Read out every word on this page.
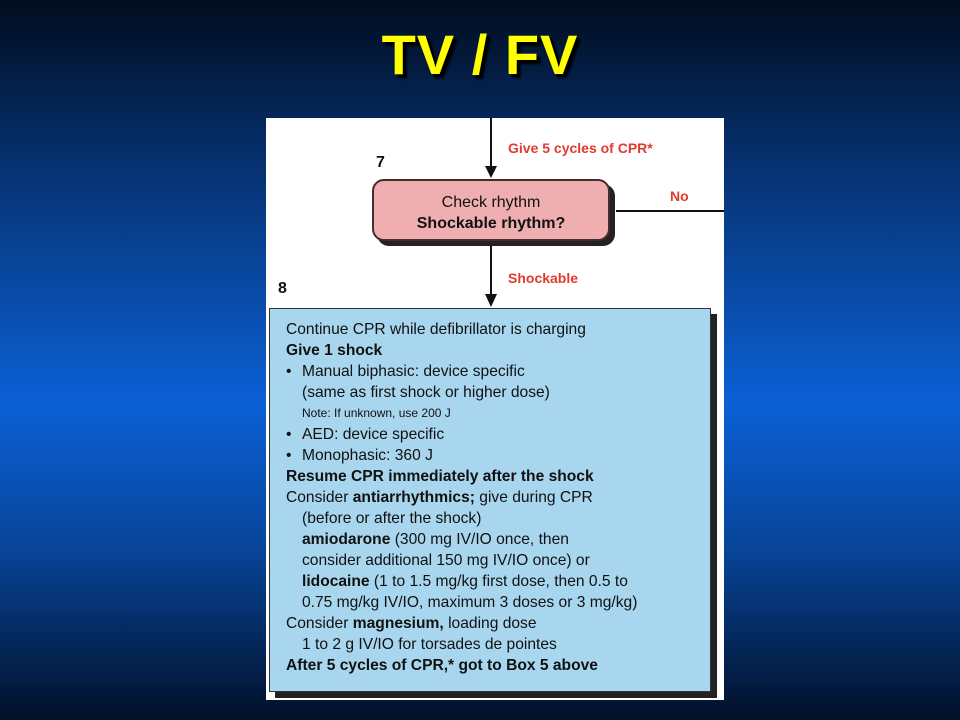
TV / FV
Give 5 cycles of CPR*
7
No
Shockable
8
Check rhythm
Shockable rhythm?
Continue CPR while defibrillator is charging
Give 1 shock
• Manual biphasic: device specific
(same as first shock or higher dose)
Note: If unknown, use 200 J
• AED: device specific
• Monophasic: 360 J
Resume CPR immediately after the shock
Consider antiarrhythmics; give during CPR
(before or after the shock)
amiodarone (300 mg IV/IO once, then
consider additional 150 mg IV/IO once) or
lidocaine (1 to 1.5 mg/kg first dose, then 0.5 to
0.75 mg/kg IV/IO, maximum 3 doses or 3 mg/kg)
Consider magnesium, loading dose
1 to 2 g IV/IO for torsades de pointes
After 5 cycles of CPR,* got to Box 5 above
